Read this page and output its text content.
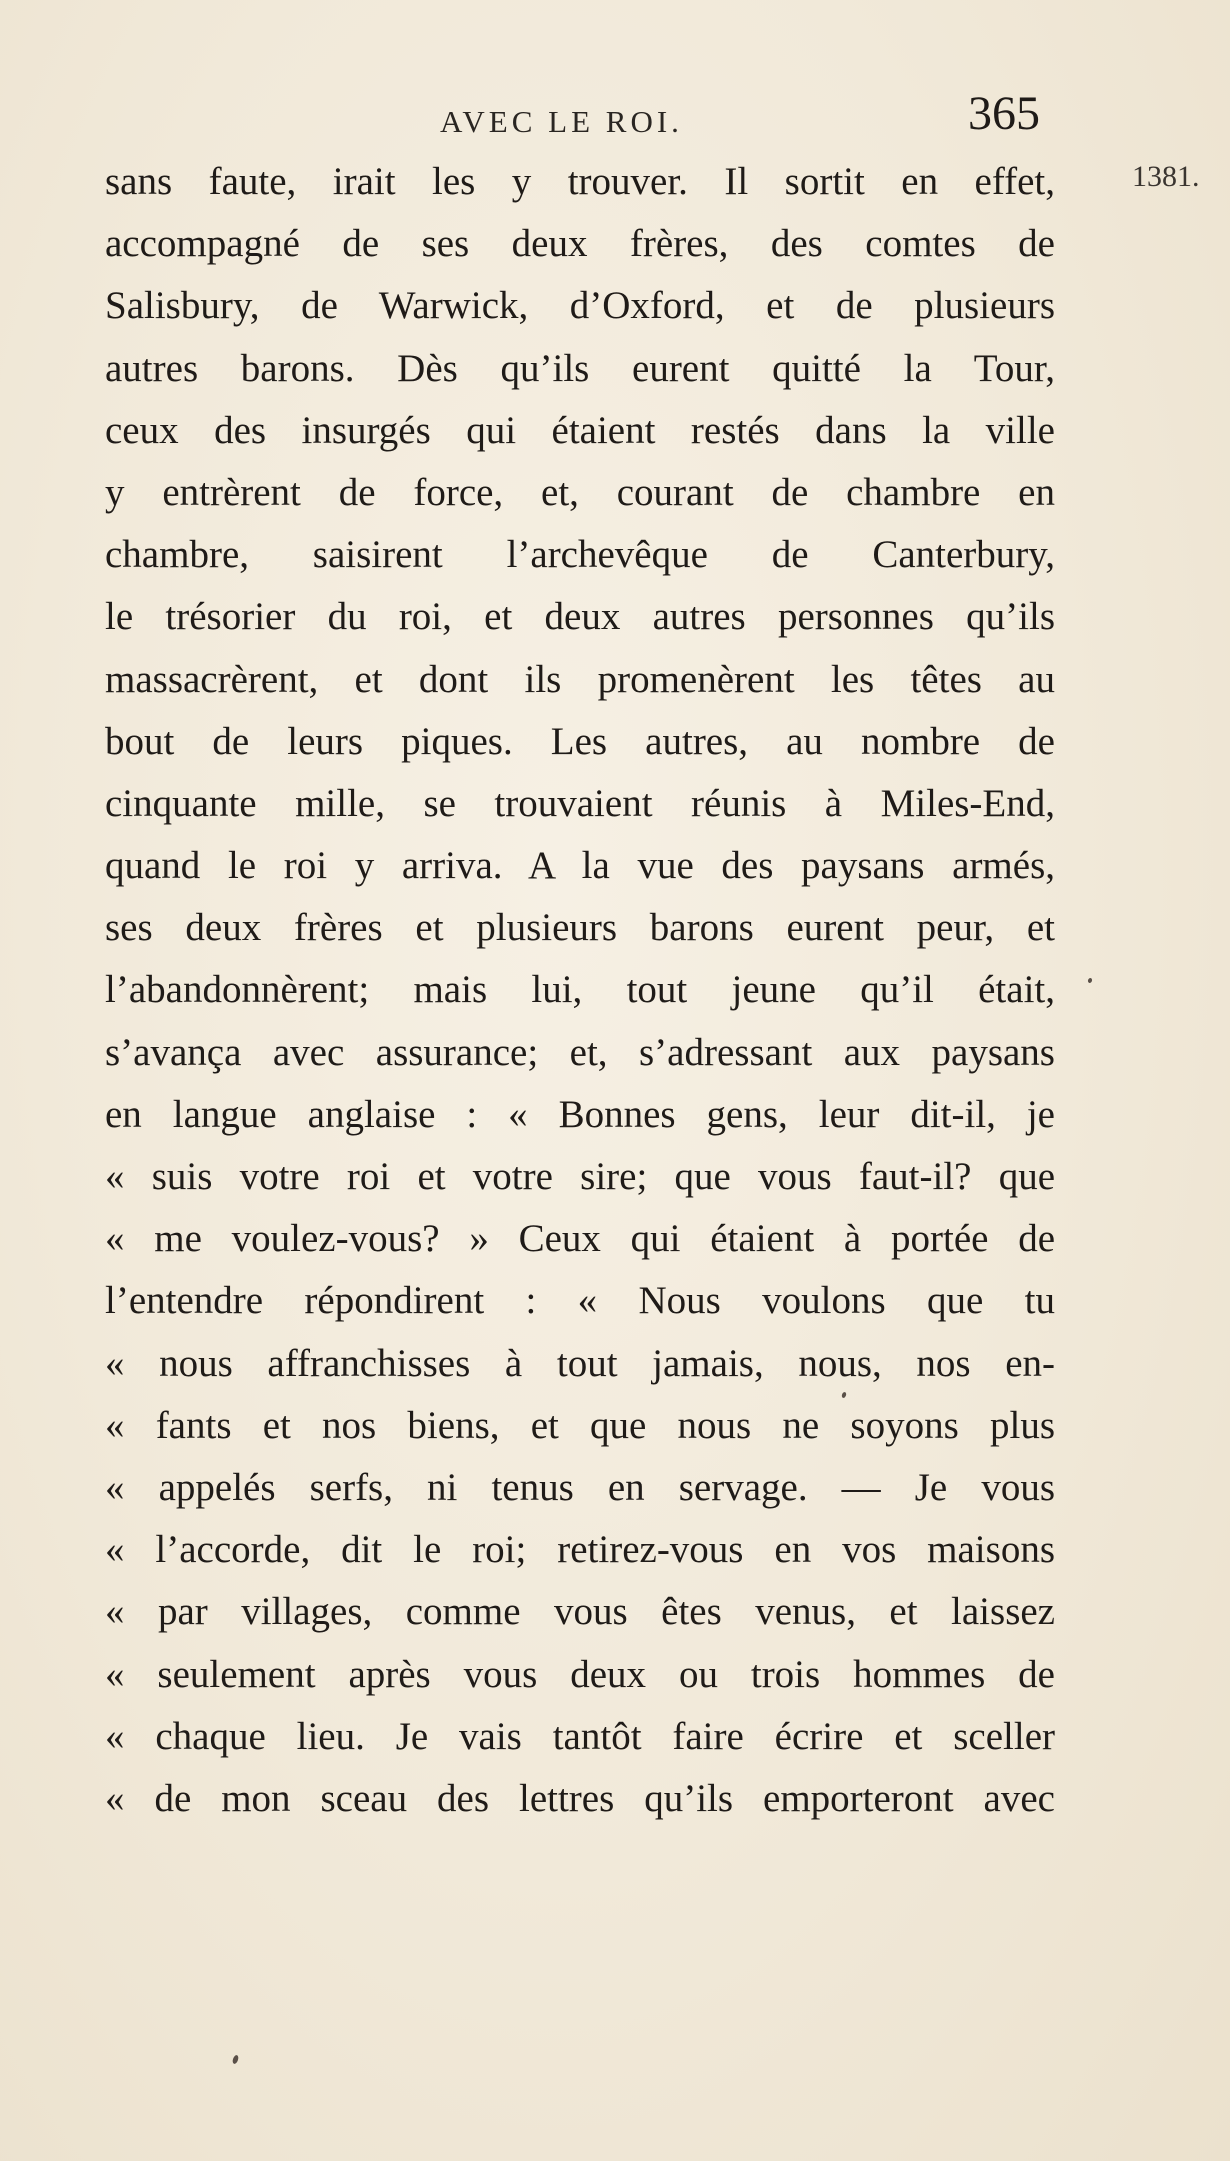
AVEC LE ROI.	365
1381.
sans faute, irait les y trouver. Il sortit en effet,
accompagné de ses deux frères, des comtes de
Salisbury, de Warwick, d’Oxford, et de plusieurs
autres barons. Dès qu’ils eurent quitté la Tour,
ceux des insurgés qui étaient restés dans la ville
y entrèrent de force, et, courant de chambre en
chambre, saisirent l’archevêque de Canterbury,
le trésorier du roi, et deux autres personnes qu’ils
massacrèrent, et dont ils promenèrent les têtes au
bout de leurs piques. Les autres, au nombre de
cinquante mille, se trouvaient réunis à Miles-End,
quand le roi y arriva. A la vue des paysans armés,
ses deux frères et plusieurs barons eurent peur, et
l’abandonnèrent; mais lui, tout jeune qu’il était,
s’avança avec assurance; et, s’adressant aux paysans
en langue anglaise : « Bonnes gens, leur dit-il, je
« suis votre roi et votre sire; que vous faut-il? que
« me voulez-vous? » Ceux qui étaient à portée de
l’entendre répondirent : « Nous voulons que tu
« nous affranchisses à tout jamais, nous, nos en-
« fants et nos biens, et que nous ne soyons plus
« appelés serfs, ni tenus en servage. — Je vous
« l’accorde, dit le roi; retirez-vous en vos maisons
« par villages, comme vous êtes venus, et laissez
« seulement après vous deux ou trois hommes de
« chaque lieu. Je vais tantôt faire écrire et sceller
« de mon sceau des lettres qu’ils emporteront avec
